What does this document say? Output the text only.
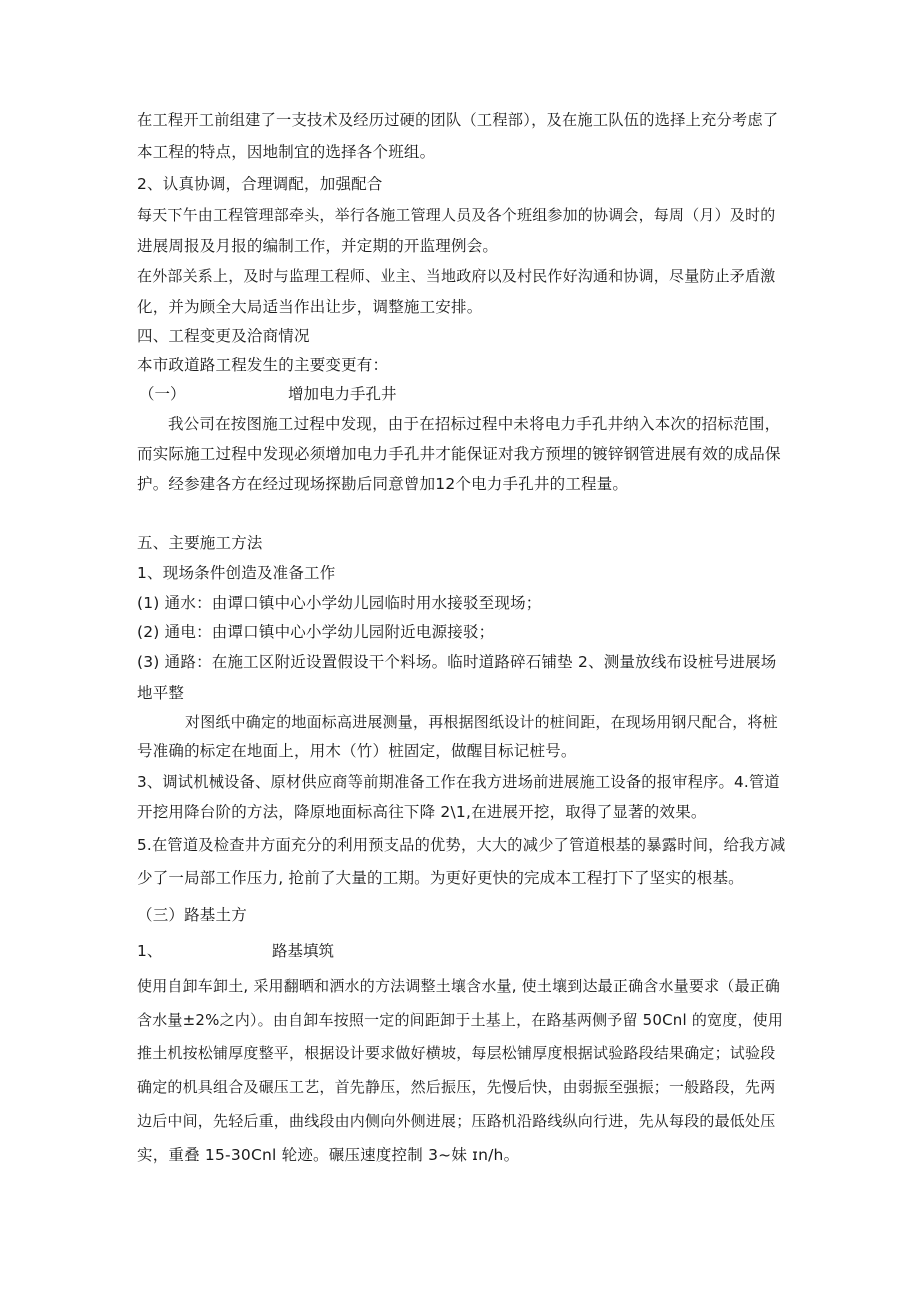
在工程开工前组建了一支技术及经历过硬的团队（工程部），及在施工队伍的选择上充分考虑了
本工程的特点，因地制宜的选择各个班组。
2、认真协调，合理调配，加强配合
每天下午由工程管理部牵头，举行各施工管理人员及各个班组参加的协调会，每周（月）及时的
进展周报及月报的编制工作，并定期的开监理例会。
在外部关系上，及时与监理工程师、业主、当地政府以及村民作好沟通和协调，尽量防止矛盾激
化，并为顾全大局适当作出让步，调整施工安排。
四、工程变更及洽商情况
本市政道路工程发生的主要变更有：
（一）	增加电力手孔井
我公司在按图施工过程中发现，由于在招标过程中未将电力手孔井纳入本次的招标范围，
而实际施工过程中发现必须增加电力手孔井才能保证对我方预埋的镀锌钢管进展有效的成品保
护。经参建各方在经过现场探勘后同意曾加12个电力手孔井的工程量。
五、主要施工方法
1、现场条件创造及准备工作
(1) 通水：由谭口镇中心小学幼儿园临时用水接驳至现场；
(2) 通电：由谭口镇中心小学幼儿园附近电源接驳；
(3) 通路：在施工区附近设置假设干个料场。临时道路碎石铺垫 2、测量放线布设桩号进展场
地平整
对图纸中确定的地面标高进展测量，再根据图纸设计的桩间距，在现场用钢尺配合，将桩
号准确的标定在地面上，用木（竹）桩固定，做醒目标记桩号。
3、调试机械设备、原材供应商等前期准备工作在我方进场前进展施工设备的报审程序。4.管道
开挖用降台阶的方法，降原地面标高往下降 2\1,在进展开挖，取得了显著的效果。
5.在管道及检查井方面充分的利用预支品的优势，大大的减少了管道根基的暴露时间，给我方减
少了一局部工作压力, 抢前了大量的工期。为更好更快的完成本工程打下了坚实的根基。
（三）路基土方
1、	路基填筑
使用自卸车卸土, 采用翻晒和洒水的方法调整土壤含水量, 使土壤到达最正确含水量要求（最正确
含水量±2%之内）。由自卸车按照一定的间距卸于土基上，在路基两侧予留 50Cnl 的宽度，使用
推土机按松铺厚度整平，根据设计要求做好横坡，每层松铺厚度根据试验路段结果确定；试验段
确定的机具组合及碾压工艺，首先静压，然后振压，先慢后快，由弱振至强振；一般路段，先两
边后中间，先轻后重，曲线段由内侧向外侧进展；压路机沿路线纵向行进，先从每段的最低处压
实，重叠 15-30Cnl 轮迹。碾压速度控制 3~妹 ɪn/h。
